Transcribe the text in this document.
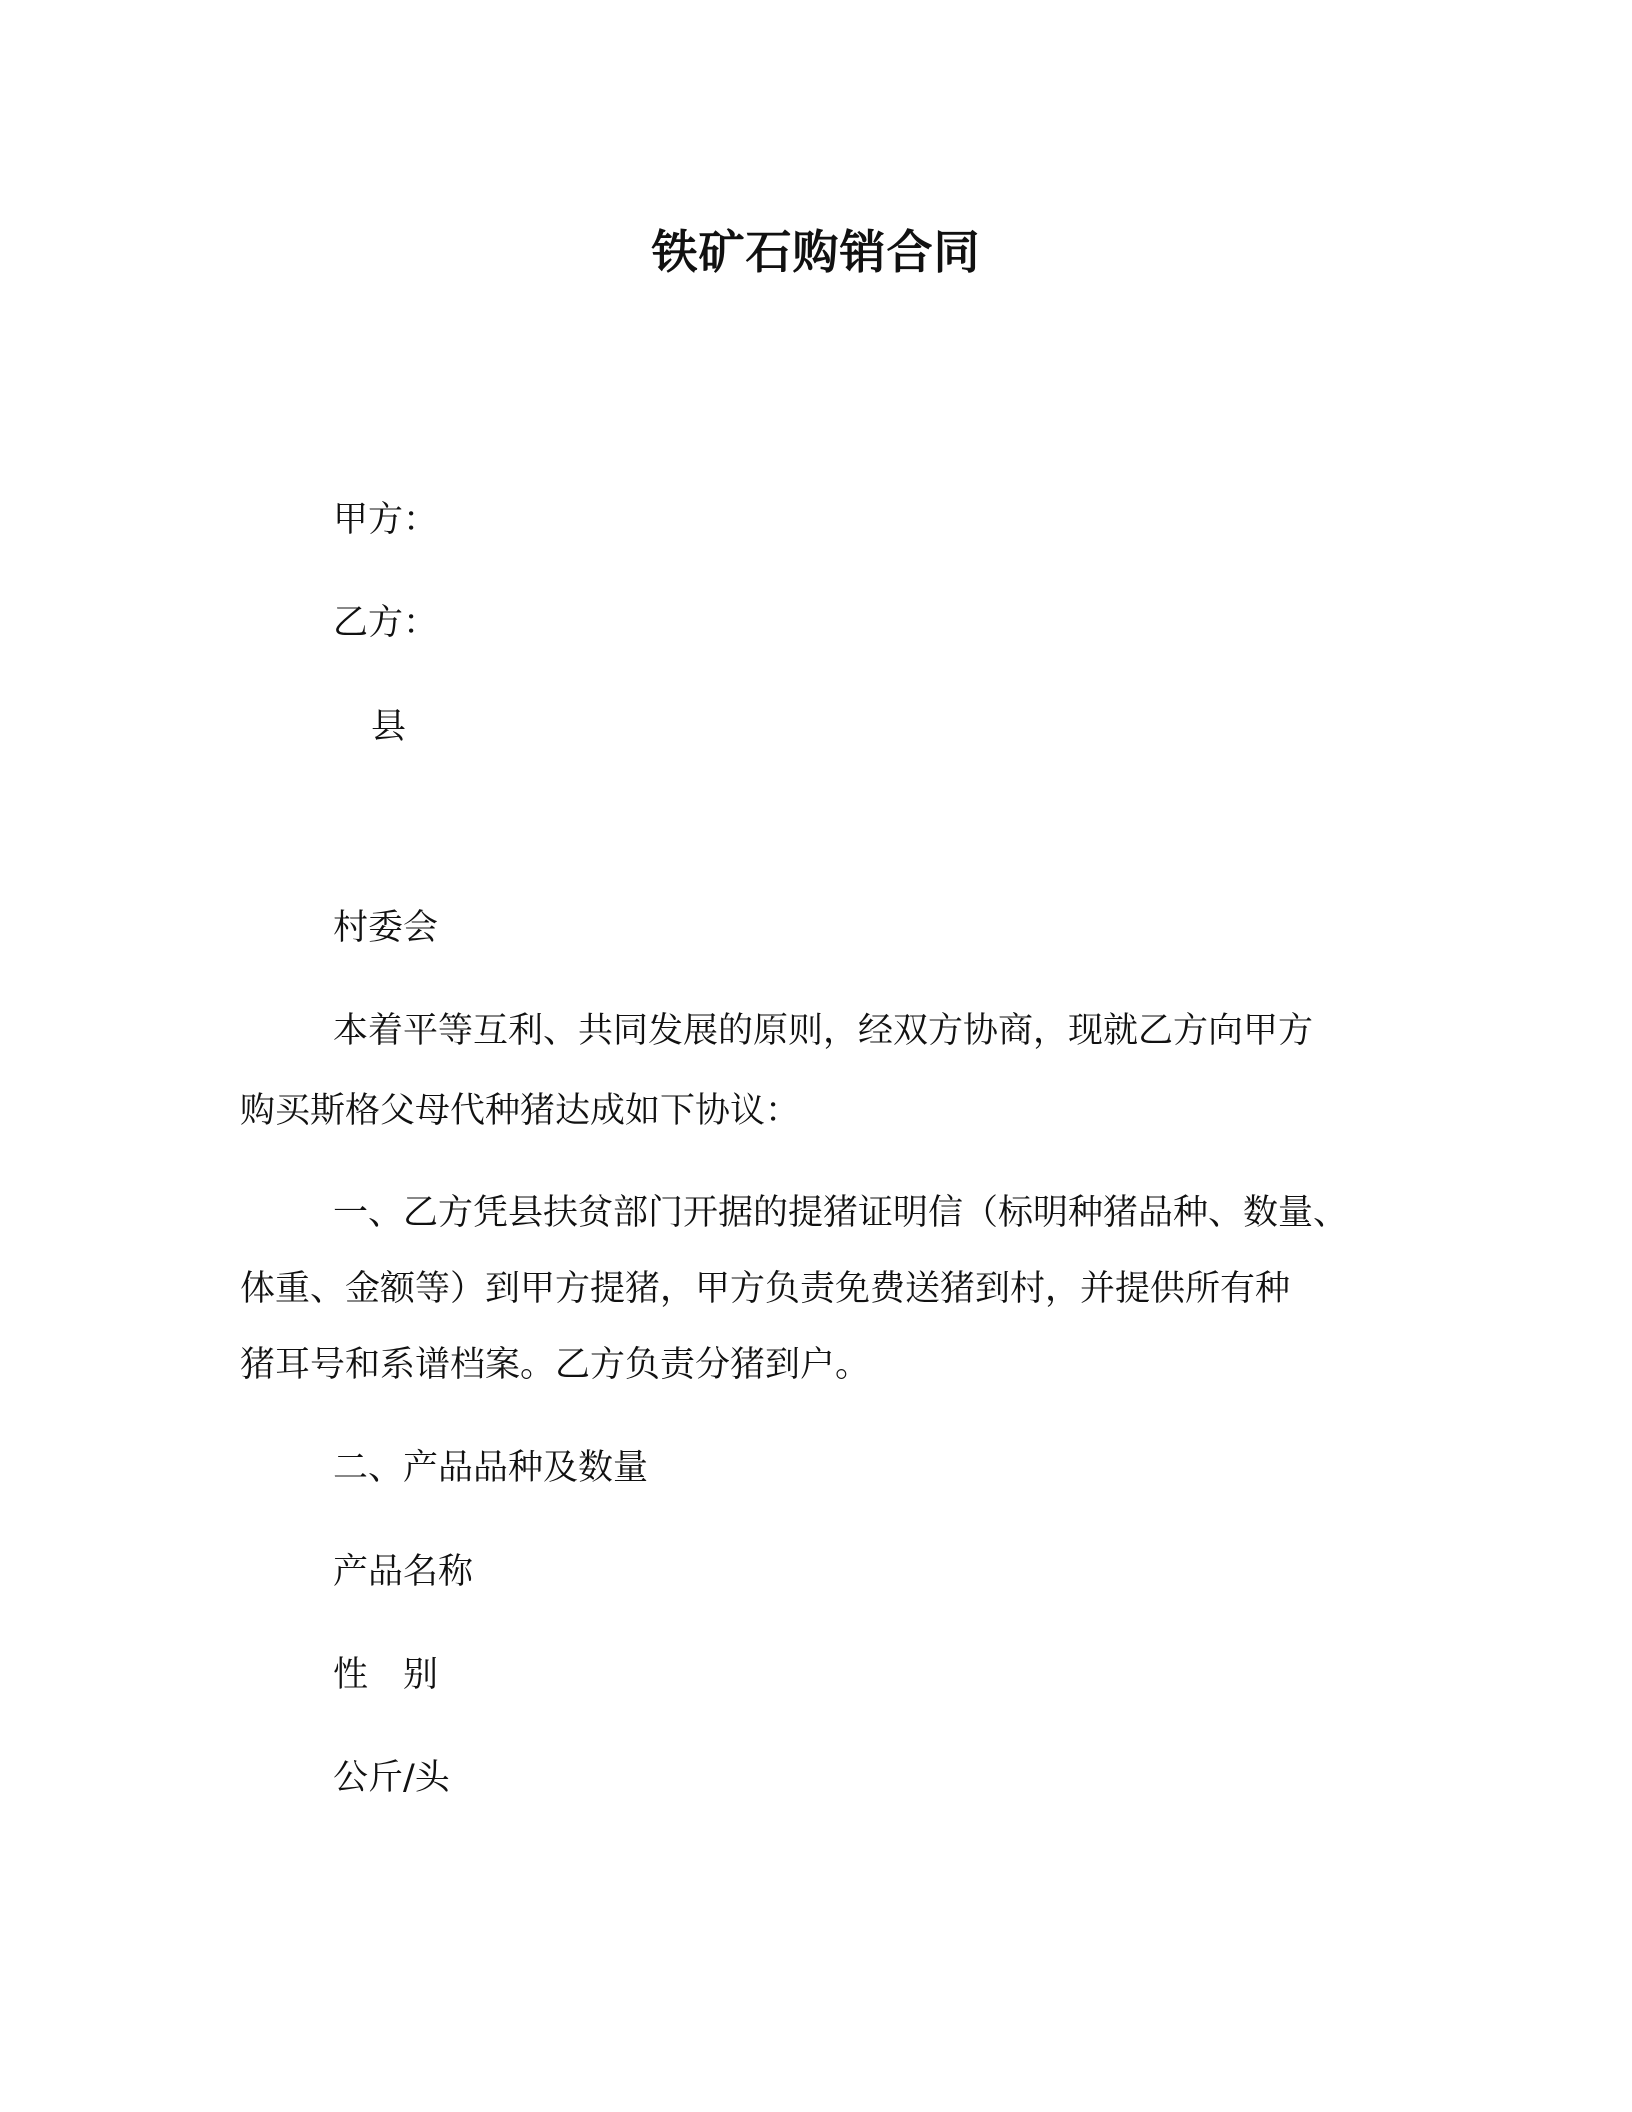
铁矿石购销合同
甲方：
乙方：
县
村委会
本着平等互利、共同发展的原则，经双方协商，现就乙方向甲方
购买斯格父母代种猪达成如下协议：
一、乙方凭县扶贫部门开据的提猪证明信（标明种猪品种、数量、
体重、金额等）到甲方提猪，甲方负责免费送猪到村，并提供所有种
猪耳号和系谱档案。乙方负责分猪到户。
二、产品品种及数量
产品名称
性　别
公斤/头
